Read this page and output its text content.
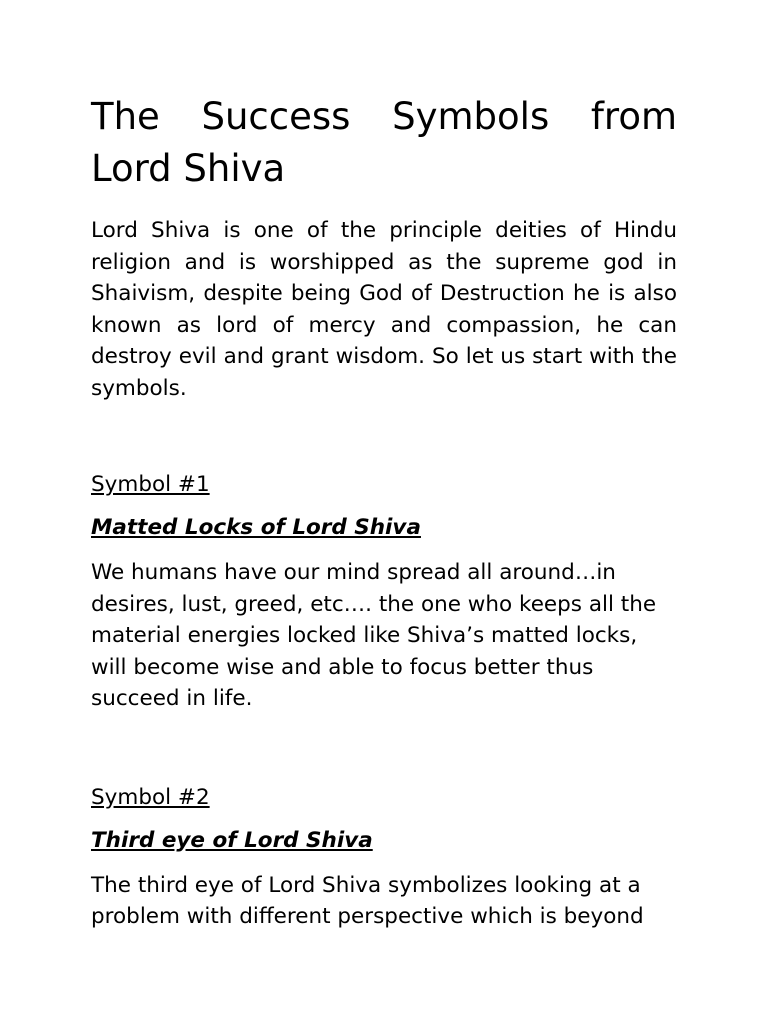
The Success Symbols from Lord Shiva

Lord Shiva is one of the principle deities of Hindu religion and is worshipped as the supreme god in Shaivism, despite being God of Destruction he is also known as lord of mercy and compassion, he can destroy evil and grant wisdom. So let us start with the symbols.

Symbol #1

Matted Locks of Lord Shiva

We humans have our mind spread all around…in desires, lust, greed, etc…. the one who keeps all the material energies locked like Shiva’s matted locks, will become wise and able to focus better thus succeed in life.

Symbol #2

Third eye of Lord Shiva

The third eye of Lord Shiva symbolizes looking at a problem with different perspective which is beyond
